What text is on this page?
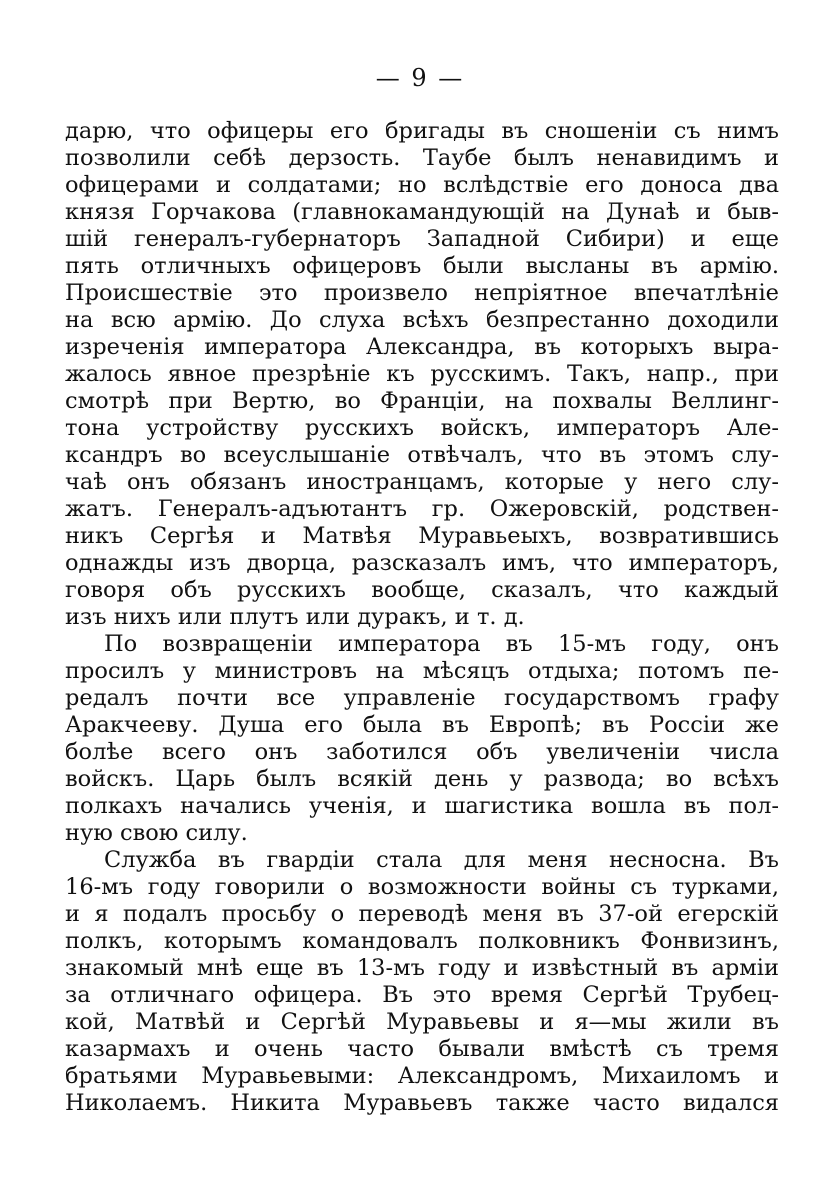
— 9 —
дарю, что офицеры его бригады въ сношенiи съ нимъ
позволили себѣ дерзость. Таубе былъ ненавидимъ и
офицерами и солдатами; но вслѣдствiе его доноса два
князя Горчакова (главнокамандующiй на Дунаѣ и быв-
шiй генералъ-губернаторъ Западной Сибири) и еще
пять отличныхъ офицеровъ были высланы въ армiю.
Происшествiе это произвело непрiятное впечатлѣнiе
на всю армiю. До слуха всѣхъ безпрестанно доходили
изреченiя императора Александра, въ которыхъ выра-
жалось явное презрѣнiе къ русскимъ. Такъ, напр., при
смотрѣ при Вертю, во Францiи, на похвалы Веллинг-
тона устройству русскихъ войскъ, императоръ Але-
ксандръ во всеуслышанiе отвѣчалъ, что въ этомъ слу-
чаѣ онъ обязанъ иностранцамъ, которые у него слу-
жатъ. Генералъ-адъютантъ гр. Ожеровскiй, родствен-
никъ Сергѣя и Матвѣя Муравьеыхъ, возвратившись
однажды изъ дворца, разсказалъ имъ, что императоръ,
говоря объ русскихъ вообще, сказалъ, что каждый
изъ нихъ или плутъ или дуракъ, и т. д.
По возвращенiи императора въ 15-мъ году, онъ
просилъ у министровъ на мѣсяцъ отдыха; потомъ пе-
редалъ почти все управленiе государствомъ графу
Аракчееву. Душа его была въ Европѣ; въ Россiи же
болѣе всего онъ заботился объ увеличенiи числа
войскъ. Царь былъ всякiй день у развода; во всѣхъ
полкахъ начались ученiя, и шагистика вошла въ пол-
ную свою силу.
Служба въ гвардiи стала для меня несносна. Въ
16-мъ году говорили о возможности войны съ турками,
и я подалъ просьбу о переводѣ меня въ 37-ой егерскiй
полкъ, которымъ командовалъ полковникъ Фонвизинъ,
знакомый мнѣ еще въ 13-мъ году и извѣстный въ армiи
за отличнаго офицера. Въ это время Сергѣй Трубец-
кой, Матвѣй и Сергѣй Муравьевы и я—мы жили въ
казармахъ и очень часто бывали вмѣстѣ съ тремя
братьями Муравьевыми: Александромъ, Михаиломъ и
Николаемъ. Никита Муравьевъ также часто видался
